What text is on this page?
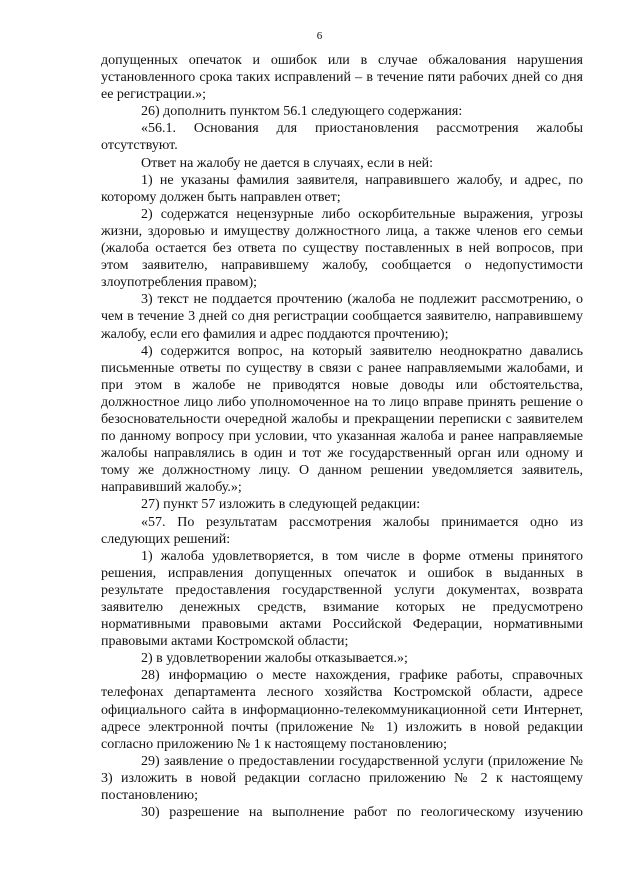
6

допущенных опечаток и ошибок или в случае обжалования нарушения установленного срока таких исправлений – в течение пяти рабочих дней со дня ее регистрации.»;

26) дополнить пунктом 56.1 следующего содержания:

«56.1. Основания для приостановления рассмотрения жалобы отсутствуют.

Ответ на жалобу не дается в случаях, если в ней:

1) не указаны фамилия заявителя, направившего жалобу, и адрес, по которому должен быть направлен ответ;

2) содержатся нецензурные либо оскорбительные выражения, угрозы жизни, здоровью и имуществу должностного лица, а также членов его семьи (жалоба остается без ответа по существу поставленных в ней вопросов, при этом заявителю, направившему жалобу, сообщается о недопустимости злоупотребления правом);

3) текст не поддается прочтению (жалоба не подлежит рассмотрению, о чем в течение 3 дней со дня регистрации сообщается заявителю, направившему жалобу, если его фамилия и адрес поддаются прочтению);

4) содержится вопрос, на который заявителю неоднократно давались письменные ответы по существу в связи с ранее направляемыми жалобами, и при этом в жалобе не приводятся новые доводы или обстоятельства, должностное лицо либо уполномоченное на то лицо вправе принять решение о безосновательности очередной жалобы и прекращении переписки с заявителем по данному вопросу при условии, что указанная жалоба и ранее направляемые жалобы направлялись в один и тот же государственный орган или одному и тому же должностному лицу. О данном решении уведомляется заявитель, направивший жалобу.»;

27) пункт 57 изложить в следующей редакции:

«57. По результатам рассмотрения жалобы принимается одно из следующих решений:

1) жалоба удовлетворяется, в том числе в форме отмены принятого решения, исправления допущенных опечаток и ошибок в выданных в результате предоставления государственной услуги документах, возврата заявителю денежных средств, взимание которых не предусмотрено нормативными правовыми актами Российской Федерации, нормативными правовыми актами Костромской области;

2) в удовлетворении жалобы отказывается.»;

28) информацию о месте нахождения, графике работы, справочных телефонах департамента лесного хозяйства Костромской области, адресе официального сайта в информационно-телекоммуникационной сети Интернет, адресе электронной почты (приложение № 1) изложить в новой редакции согласно приложению № 1 к настоящему постановлению;

29) заявление о предоставлении государственной услуги (приложение № 3) изложить в новой редакции согласно приложению № 2 к настоящему постановлению;

30) разрешение на выполнение работ по геологическому изучению
